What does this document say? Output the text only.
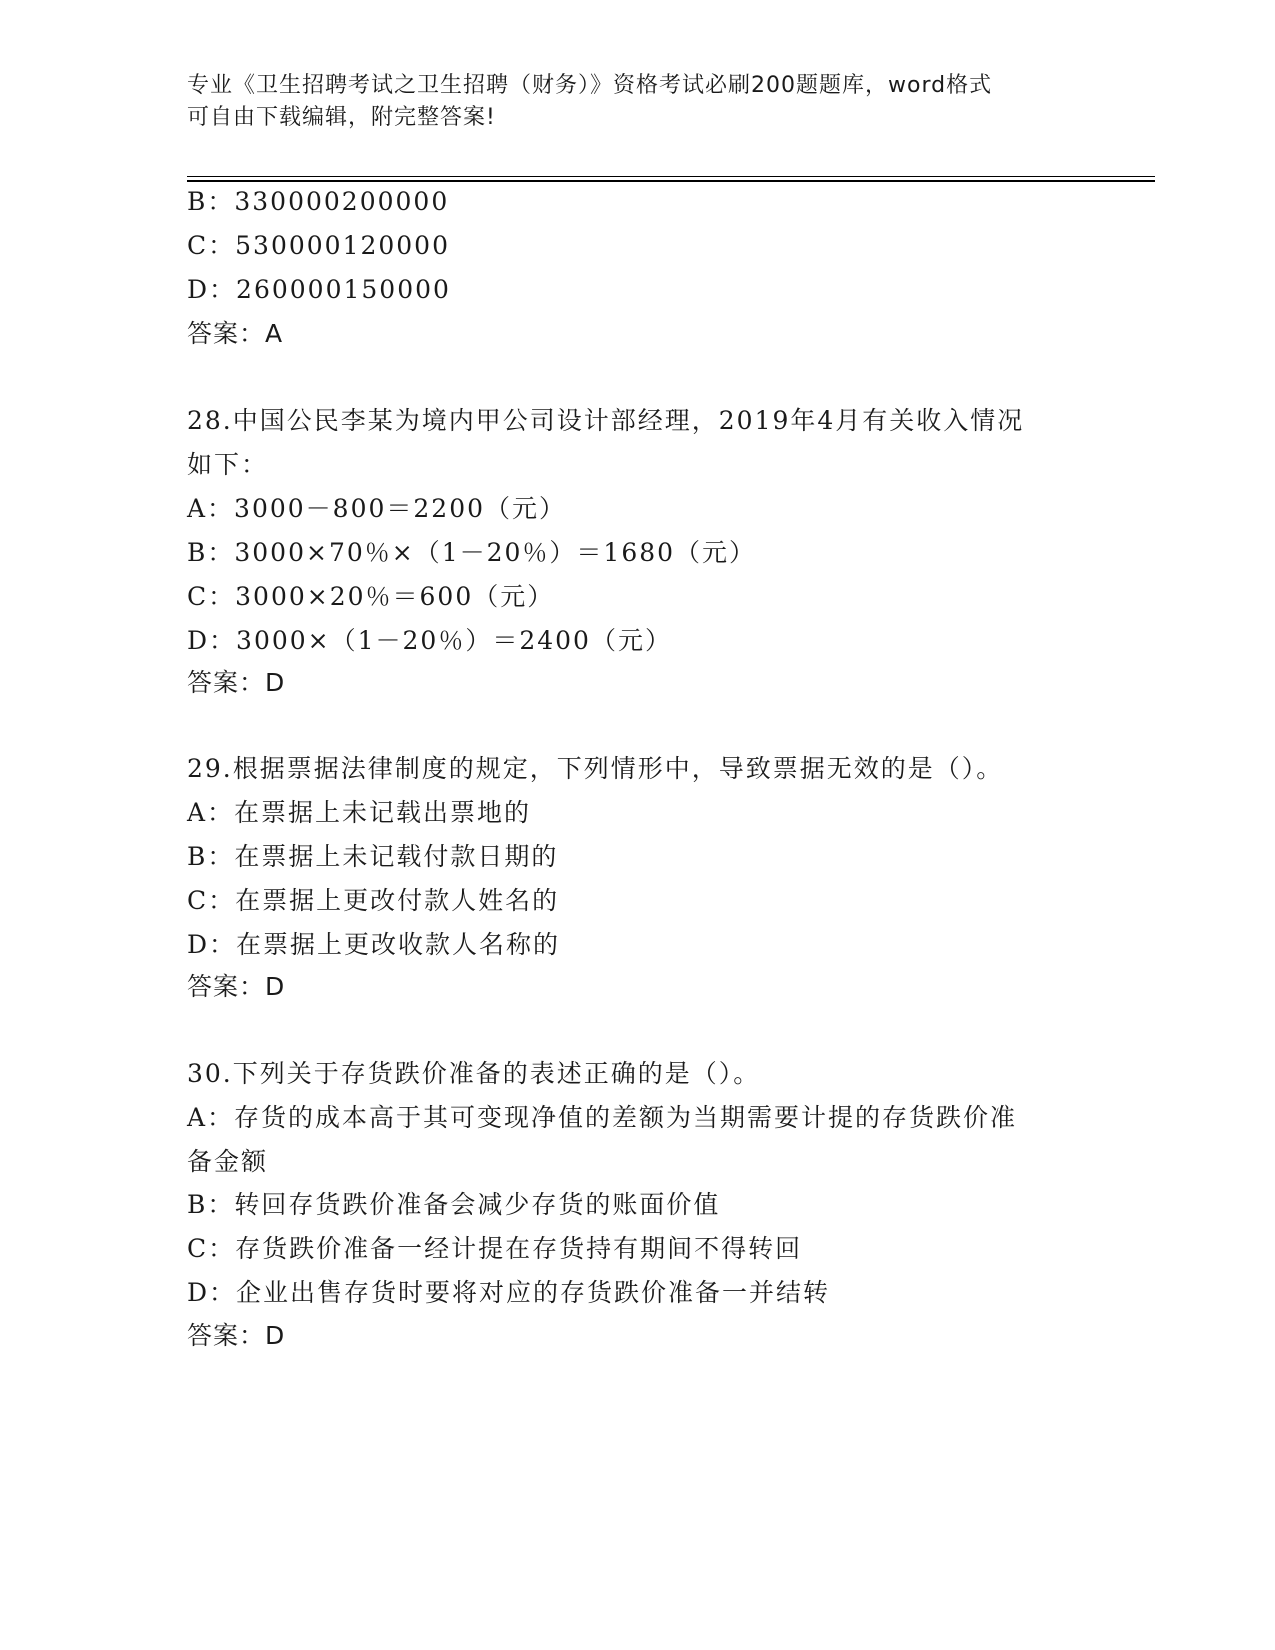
专业《卫生招聘考试之卫生招聘（财务）》资格考试必刷200题题库，word格式
可自由下载编辑，附完整答案!
B：330000200000
C：530000120000
D：260000150000
答案：A
28.中国公民李某为境内甲公司设计部经理，2019年4月有关收入情况
如下：
A：3000－800＝2200（元）
B：3000×70％×（1－20％）＝1680（元）
C：3000×20％＝600（元）
D：3000×（1－20％）＝2400（元）
答案：D
29.根据票据法律制度的规定，下列情形中，导致票据无效的是（）。
A：在票据上未记载出票地的
B：在票据上未记载付款日期的
C：在票据上更改付款人姓名的
D：在票据上更改收款人名称的
答案：D
30.下列关于存货跌价准备的表述正确的是（）。
A：存货的成本高于其可变现净值的差额为当期需要计提的存货跌价准
备金额
B：转回存货跌价准备会减少存货的账面价值
C：存货跌价准备一经计提在存货持有期间不得转回
D：企业出售存货时要将对应的存货跌价准备一并结转
答案：D
